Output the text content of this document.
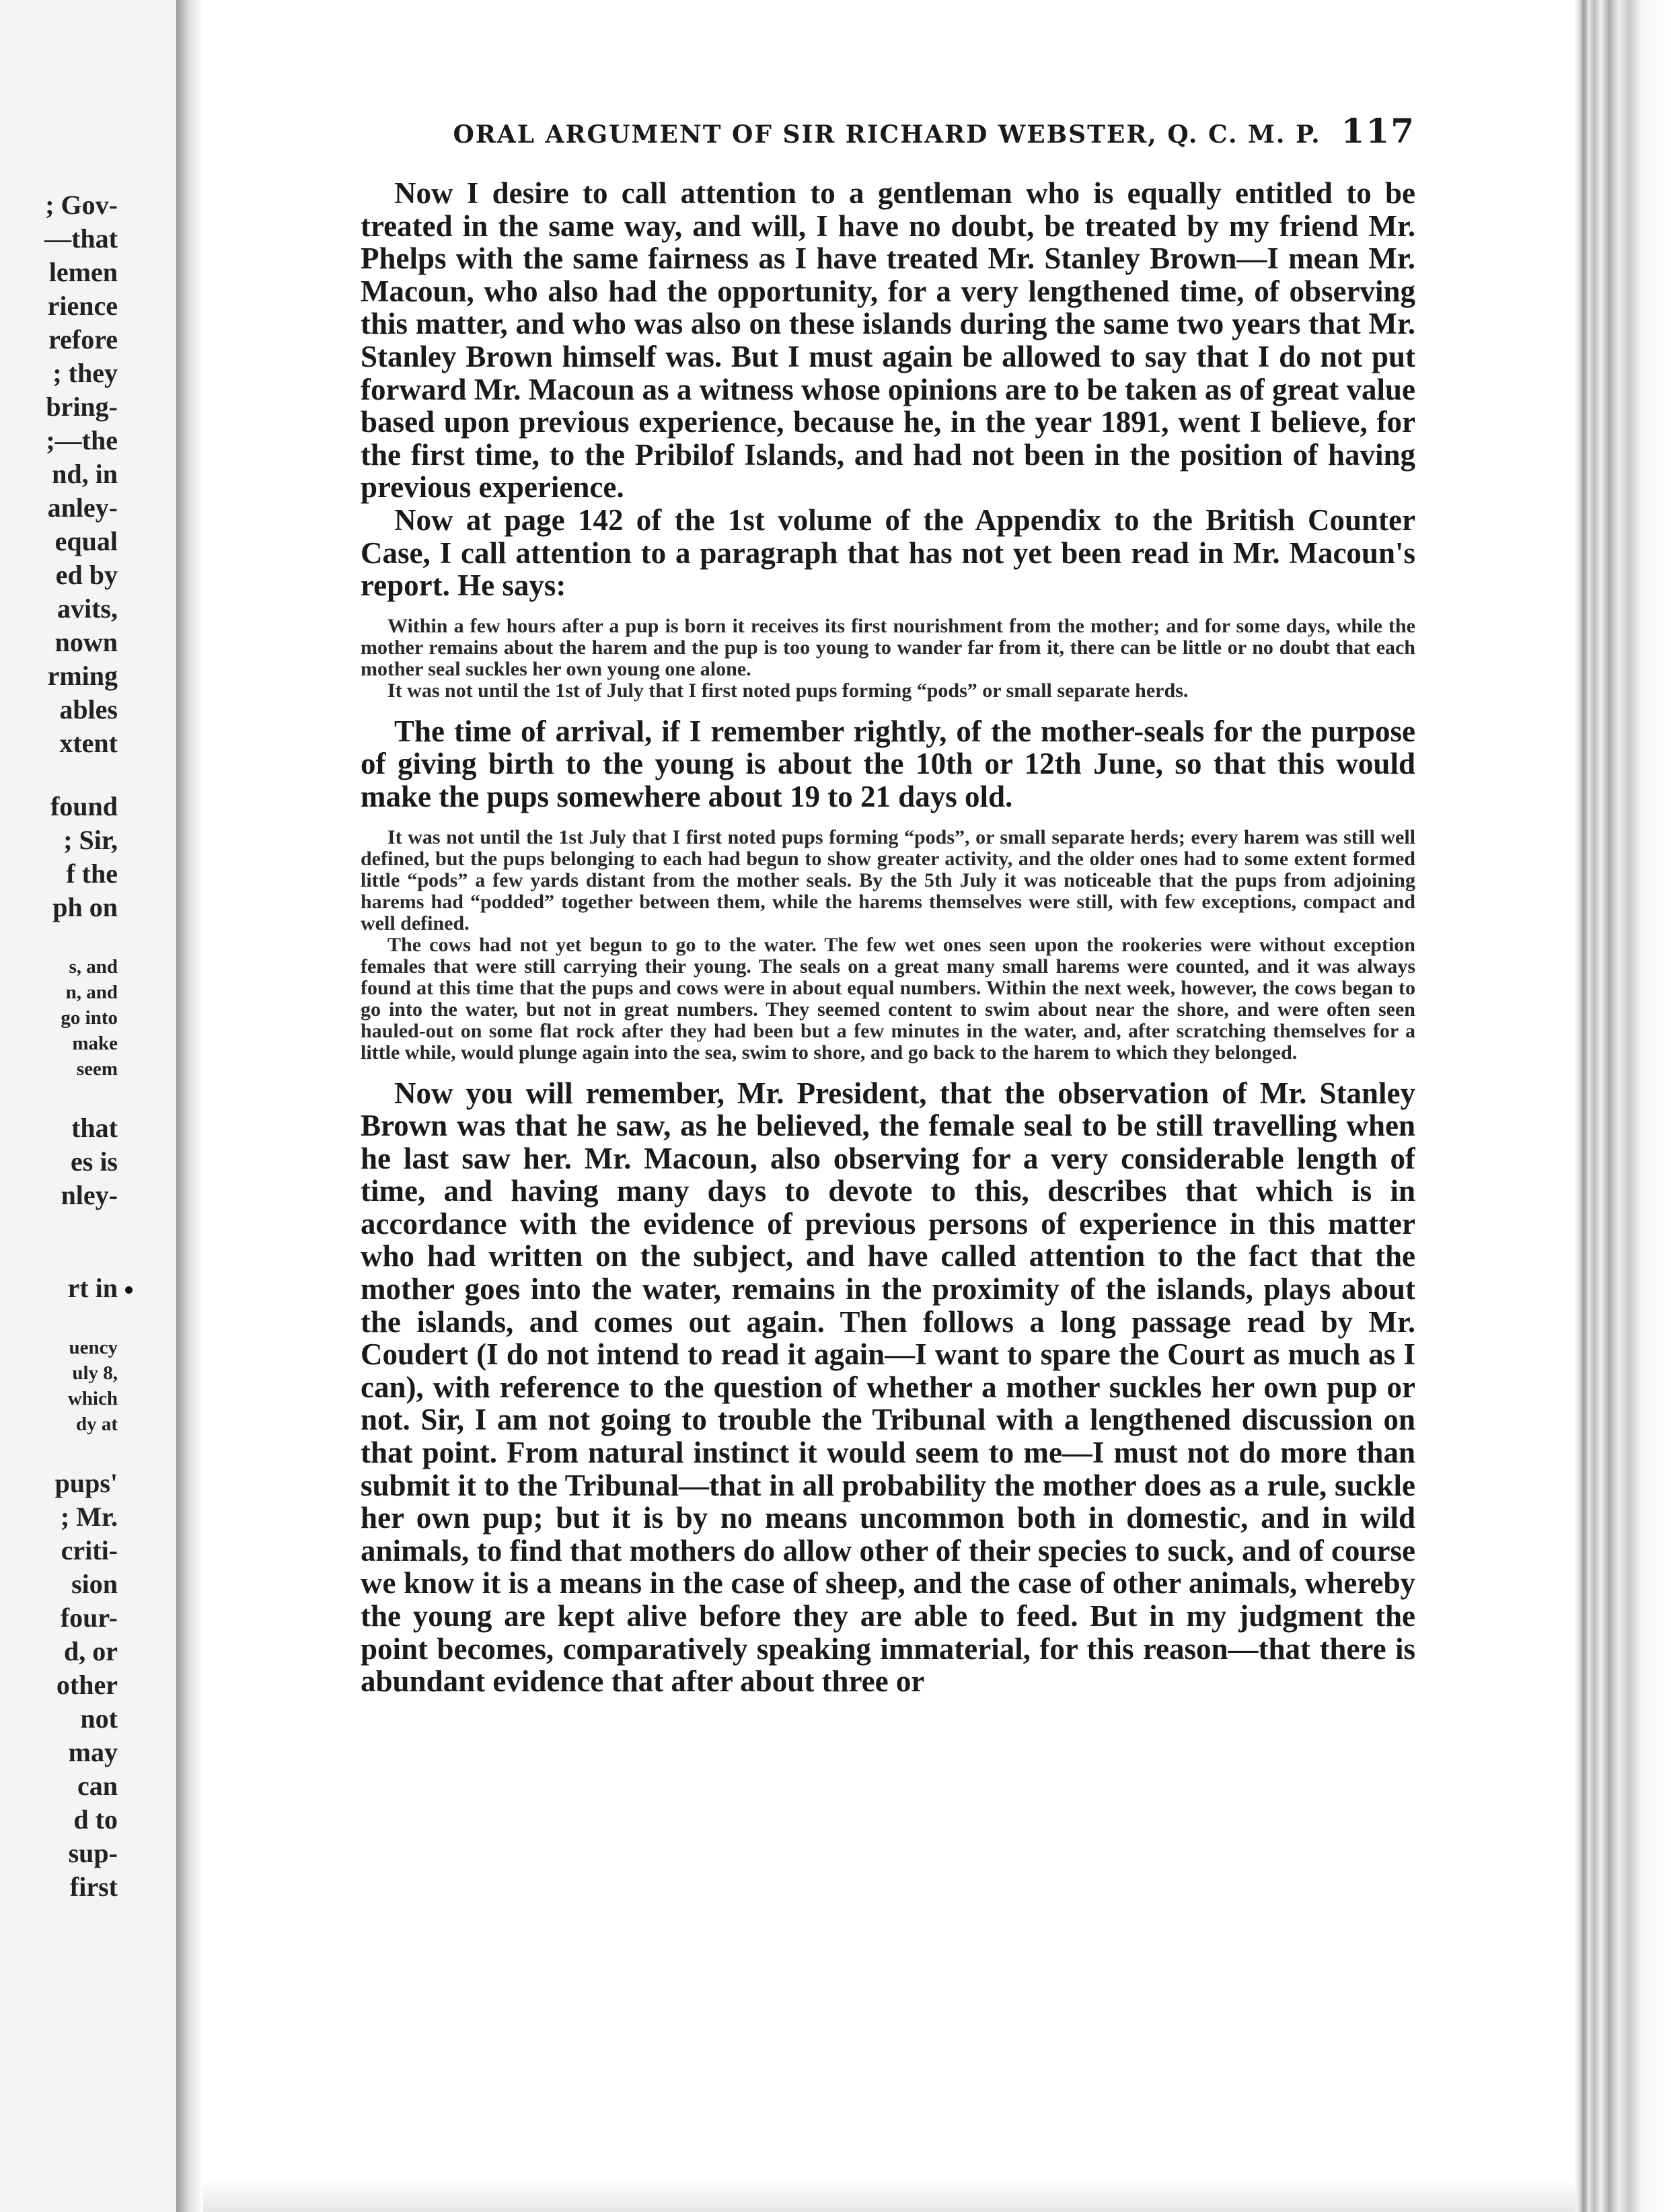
; Gov-
—that
lemen
rience
refore
; they
bring-
;—the
nd, in
anley-
equal
ed by
avits,
nown
rming
ables
xtent
found
; Sir,
f the
ph on
s, and
n, and
go into
make
seem
that
es is
nley-
rt in
uency
uly 8,
which
dy at
pups'
; Mr.
criti-
sion
four-
d, or
other
not
may
can
d to
sup-
first
ORAL ARGUMENT OF SIR RICHARD WEBSTER, Q. C. M. P. 117

Now I desire to call attention to a gentleman who is equally entitled to be treated in the same way, and will, I have no doubt, be treated by my friend Mr. Phelps with the same fairness as I have treated Mr. Stanley Brown—I mean Mr. Macoun, who also had the opportunity, for a very lengthened time, of observing this matter, and who was also on these islands during the same two years that Mr. Stanley Brown himself was. But I must again be allowed to say that I do not put forward Mr. Macoun as a witness whose opinions are to be taken as of great value based upon previous experience, because he, in the year 1891, went I believe, for the first time, to the Pribilof Islands, and had not been in the position of having previous experience.

Now at page 142 of the 1st volume of the Appendix to the British Counter Case, I call attention to a paragraph that has not yet been read in Mr. Macoun's report. He says:

Within a few hours after a pup is born it receives its first nourishment from the mother; and for some days, while the mother remains about the harem and the pup is too young to wander far from it, there can be little or no doubt that each mother seal suckles her own young one alone.

It was not until the 1st of July that I first noted pups forming “pods” or small separate herds.

The time of arrival, if I remember rightly, of the mother-seals for the purpose of giving birth to the young is about the 10th or 12th June, so that this would make the pups somewhere about 19 to 21 days old.

It was not until the 1st July that I first noted pups forming “pods”, or small separate herds; every harem was still well defined, but the pups belonging to each had begun to show greater activity, and the older ones had to some extent formed little “pods” a few yards distant from the mother seals. By the 5th July it was noticeable that the pups from adjoining harems had “podded” together between them, while the harems themselves were still, with few exceptions, compact and well defined.

The cows had not yet begun to go to the water. The few wet ones seen upon the rookeries were without exception females that were still carrying their young. The seals on a great many small harems were counted, and it was always found at this time that the pups and cows were in about equal numbers. Within the next week, however, the cows began to go into the water, but not in great numbers. They seemed content to swim about near the shore, and were often seen hauled-out on some flat rock after they had been but a few minutes in the water, and, after scratching themselves for a little while, would plunge again into the sea, swim to shore, and go back to the harem to which they belonged.

Now you will remember, Mr. President, that the observation of Mr. Stanley Brown was that he saw, as he believed, the female seal to be still travelling when he last saw her. Mr. Macoun, also observing for a very considerable length of time, and having many days to devote to this, describes that which is in accordance with the evidence of previous persons of experience in this matter who had written on the subject, and have called attention to the fact that the mother goes into the water, remains in the proximity of the islands, plays about the islands, and comes out again. Then follows a long passage read by Mr. Coudert (I do not intend to read it again—I want to spare the Court as much as I can), with reference to the question of whether a mother suckles her own pup or not. Sir, I am not going to trouble the Tribunal with a lengthened discussion on that point. From natural instinct it would seem to me—I must not do more than submit it to the Tribunal—that in all probability the mother does as a rule, suckle her own pup; but it is by no means uncommon both in domestic, and in wild animals, to find that mothers do allow other of their species to suck, and of course we know it is a means in the case of sheep, and the case of other animals, whereby the young are kept alive before they are able to feed. But in my judgment the point becomes, comparatively speaking immaterial, for this reason—that there is abundant evidence that after about three or
